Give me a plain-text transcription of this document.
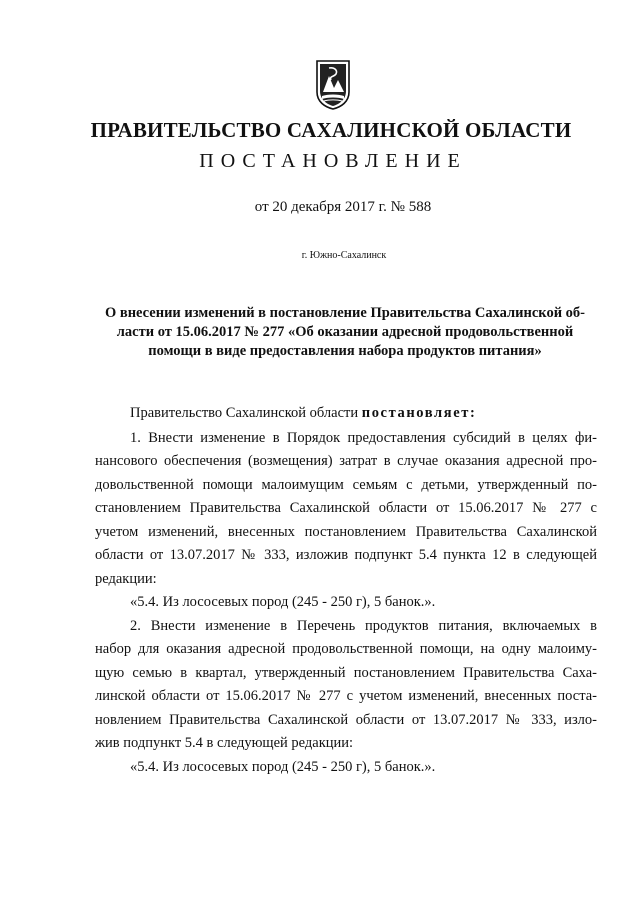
ПРАВИТЕЛЬСТВО САХАЛИНСКОЙ ОБЛАСТИ
ПОСТАНОВЛЕНИЕ
от 20 декабря 2017 г. № 588
г. Южно-Сахалинск
О внесении изменений в постановление Правительства Сахалинской об-
ласти от 15.06.2017 № 277 «Об оказании адресной продовольственной
помощи в виде предоставления набора продуктов питания»
Правительство Сахалинской области постановляет:
1. Внести изменение в Порядок предоставления субсидий в целях фи-
нансового обеспечения (возмещения) затрат в случае оказания адресной про-
довольственной помощи малоимущим семьям с детьми, утвержденный по-
становлением Правительства Сахалинской области от 15.06.2017 № 277 с
учетом изменений, внесенных постановлением Правительства Сахалинской
области от 13.07.2017 № 333, изложив подпункт 5.4 пункта 12 в следующей
редакции:
«5.4. Из лососевых пород (245 - 250 г), 5 банок.».
2. Внести изменение в Перечень продуктов питания, включаемых в
набор для оказания адресной продовольственной помощи, на одну малоиму-
щую семью в квартал, утвержденный постановлением Правительства Саха-
линской области от 15.06.2017 № 277 с учетом изменений, внесенных поста-
новлением Правительства Сахалинской области от 13.07.2017 № 333, изло-
жив подпункт 5.4 в следующей редакции:
«5.4. Из лососевых пород (245 - 250 г), 5 банок.».
